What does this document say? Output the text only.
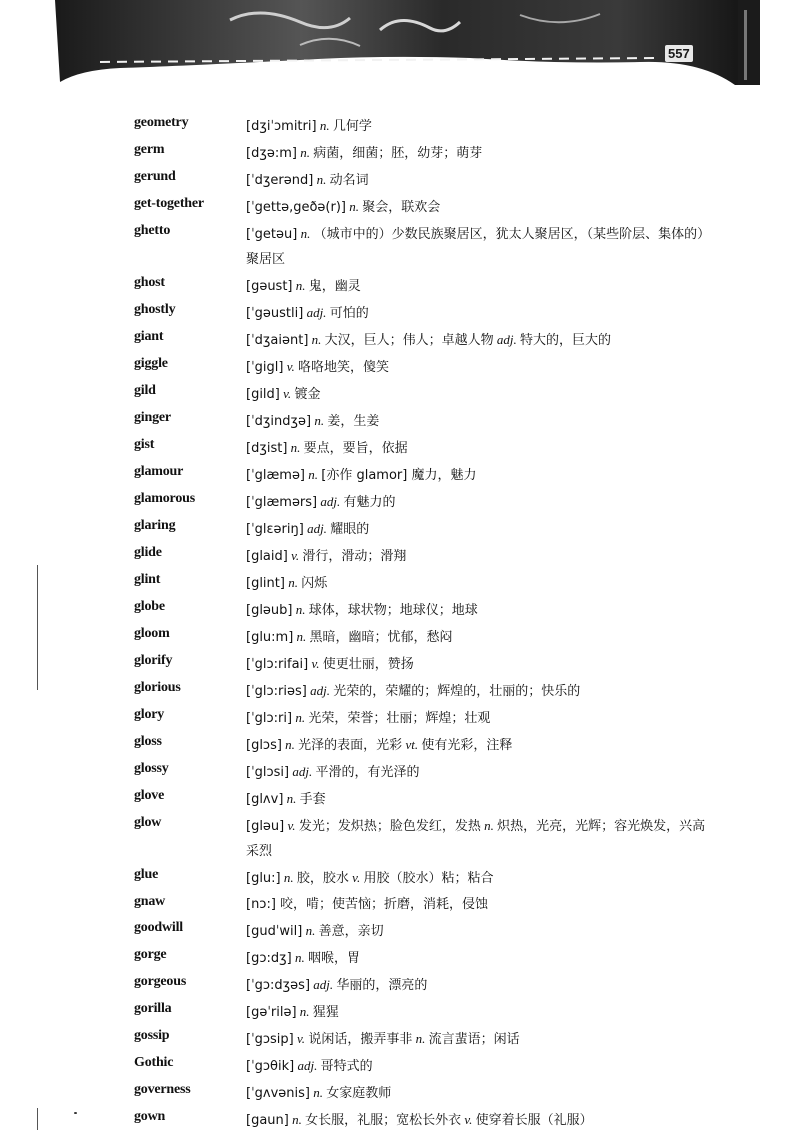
557
geometry	[dʒiˈɔmitri] n. 几何学
germ	[dʒə:m] n. 病菌，细菌；胚，幼芽；萌芽
gerund	[ˈdʒerənd] n. 动名词
get-together	[ˈgettə,geðə(r)] n. 聚会，联欢会
ghetto	[ˈgetəu] n. （城市中的）少数民族聚居区，犹太人聚居区，（某些阶层、集体的）聚居区
ghost	[gəust] n. 鬼，幽灵
ghostly	[ˈgəustli] adj. 可怕的
giant	[ˈdʒaiənt] n. 大汉，巨人；伟人；卓越人物 adj. 特大的，巨大的
giggle	[ˈgigl] v. 咯咯地笑，傻笑
gild	[gild] v. 镀金
ginger	[ˈdʒindʒə] n. 姜，生姜
gist	[dʒist] n. 要点，要旨，依据
glamour	[ˈglæmə] n. [亦作 glamor] 魔力，魅力
glamorous	[ˈglæmərs] adj. 有魅力的
glaring	[ˈglɛəriŋ] adj. 耀眼的
glide	[glaid] v. 滑行，滑动；滑翔
glint	[glint] n. 闪烁
globe	[gləub] n. 球体，球状物；地球仪；地球
gloom	[glu:m] n. 黑暗，幽暗；忧郁，愁闷
glorify	[ˈglɔ:rifai] v. 使更壮丽，赞扬
glorious	[ˈglɔ:riəs] adj. 光荣的，荣耀的；辉煌的，壮丽的；快乐的
glory	[ˈglɔ:ri] n. 光荣，荣誉；壮丽；辉煌；壮观
gloss	[glɔs] n. 光泽的表面，光彩 vt. 使有光彩，注释
glossy	[ˈglɔsi] adj. 平滑的，有光泽的
glove	[glʌv] n. 手套
glow	[gləu] v. 发光；发炽热；脸色发红，发热 n. 炽热，光亮，光辉；容光焕发，兴高采烈
glue	[glu:] n. 胶，胶水 v. 用胶（胶水）粘；粘合
gnaw	[nɔ:] 咬，啃；使苦恼；折磨，消耗，侵蚀
goodwill	[gudˈwil] n. 善意，亲切
gorge	[gɔ:dʒ] n. 咽喉，胃
gorgeous	[ˈgɔ:dʒəs] adj. 华丽的，漂亮的
gorilla	[gəˈrilə] n. 猩猩
gossip	[ˈgɔsip] v. 说闲话，搬弄事非 n. 流言蜚语；闲话
Gothic	[ˈgɔθik] adj. 哥特式的
governess	[ˈgʌvənis] n. 女家庭教师
gown	[gaun] n. 女长服，礼服；宽松长外衣 v. 使穿着长服（礼服）
